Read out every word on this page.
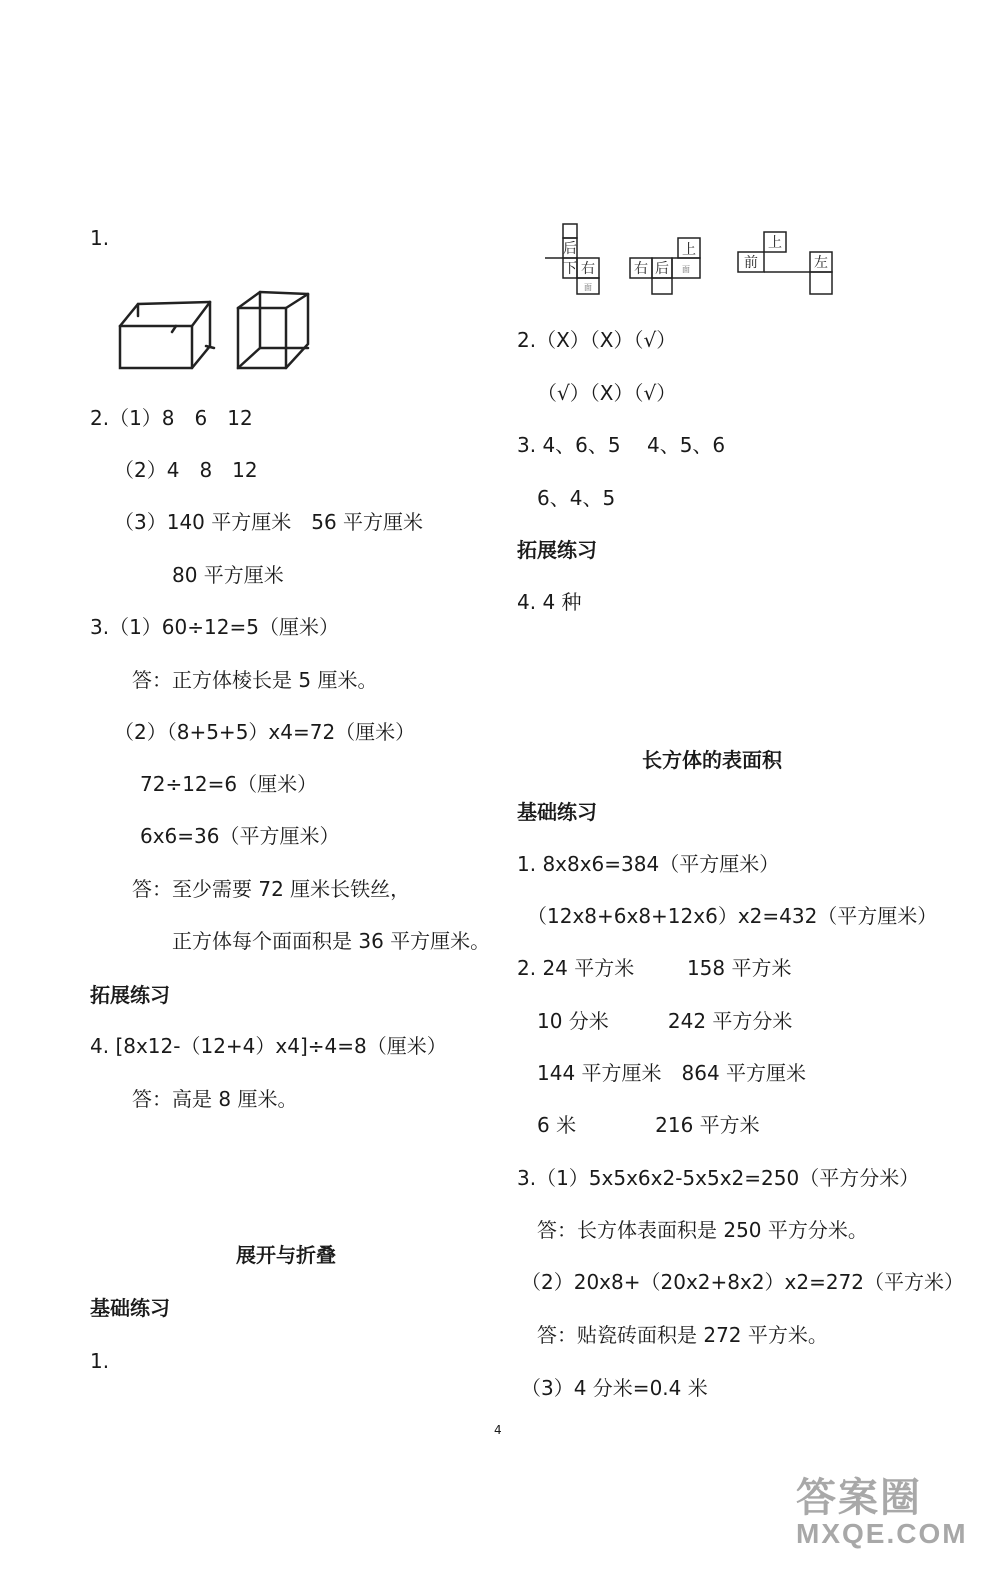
1.
2.（1）8　6　12
（2）4　8　12
（3）140 平方厘米　56 平方厘米
80 平方厘米
3.（1）60÷12=5（厘米）
答：正方体棱长是 5 厘米。
（2）（8+5+5）x4=72（厘米）
72÷12=6（厘米）
6x6=36（平方厘米）
答：至少需要 72 厘米长铁丝，
正方体每个面面积是 36 平方厘米。
拓展练习
4. [8x12-（12+4）x4]÷4=8（厘米）
答：高是 8 厘米。
展开与折叠
基础练习
1.
后
下 右
面
上
右 后 面
上
前	左
2.（X）（X）（√）
（√）（X）（√）
3. 4、6、5　 4、5、6
6、4、5
拓展练习
4. 4 种
长方体的表面积
基础练习
1. 8x8x6=384（平方厘米）
（12x8+6x8+12x6）x2=432（平方厘米）
2. 24 平方米　　  158 平方米
10 分米　　   242 平方分米
144 平方厘米　864 平方厘米
6 米　　　   216 平方米
3.（1）5x5x6x2-5x5x2=250（平方分米）
答：长方体表面积是 250 平方分米。
（2）20x8+（20x2+8x2）x2=272（平方米）
答：贴瓷砖面积是 272 平方米。
（3）4 分米=0.4 米
4
答案圈
MXQE.COM
